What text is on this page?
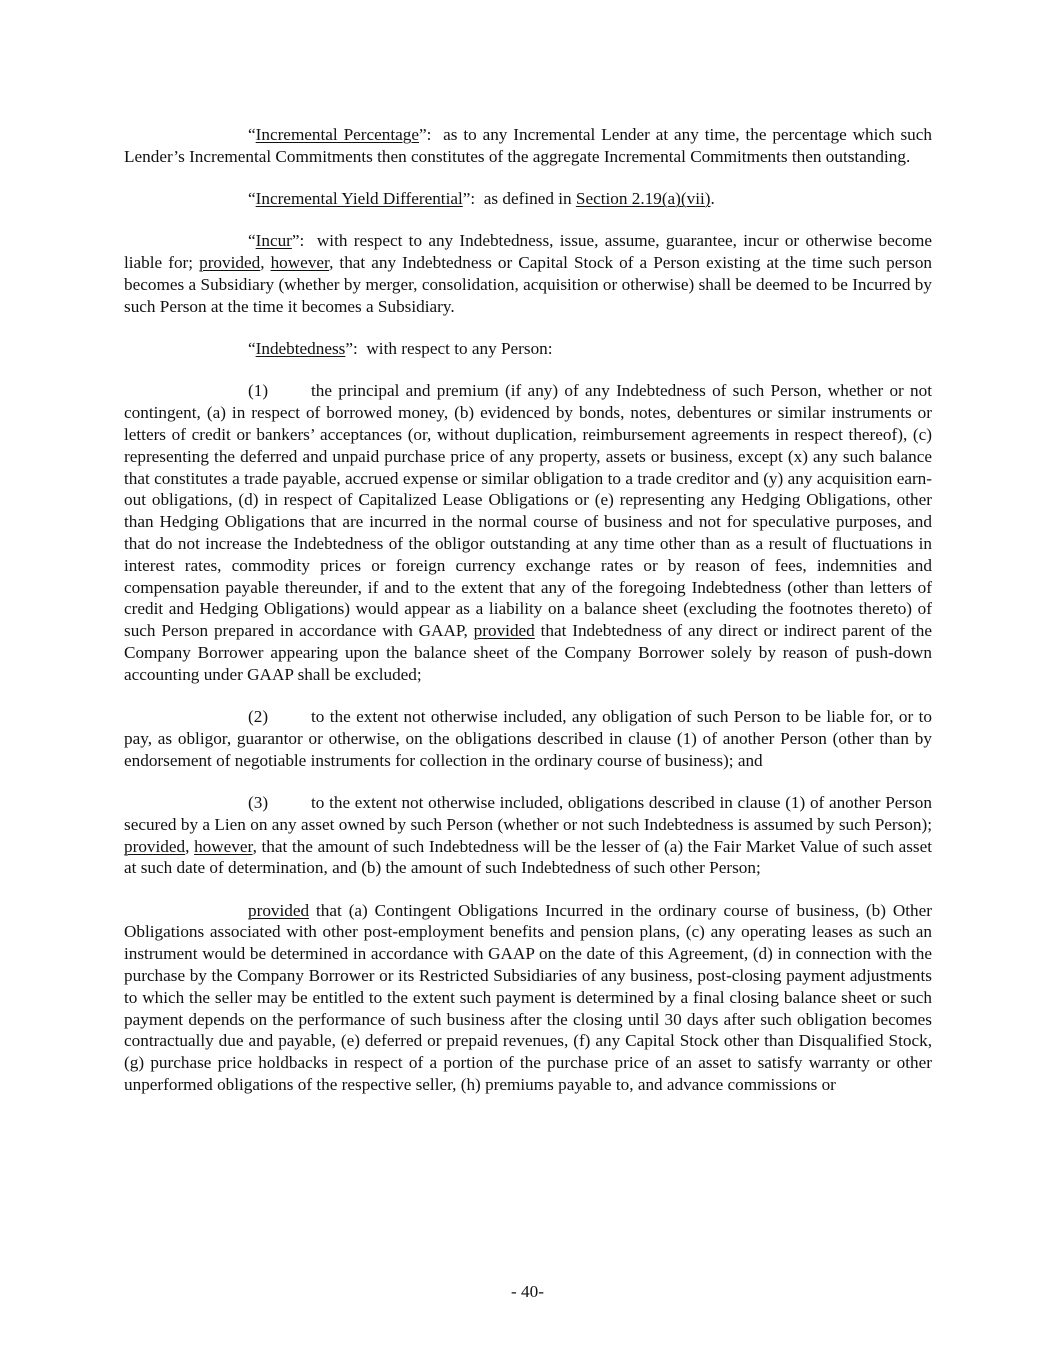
“Incremental Percentage”:  as to any Incremental Lender at any time, the percentage which such Lender’s Incremental Commitments then constitutes of the aggregate Incremental Commitments then outstanding.

“Incremental Yield Differential”:  as defined in Section 2.19(a)(vii).

“Incur”:  with respect to any Indebtedness, issue, assume, guarantee, incur or otherwise become liable for; provided, however, that any Indebtedness or Capital Stock of a Person existing at the time such person becomes a Subsidiary (whether by merger, consolidation, acquisition or otherwise) shall be deemed to be Incurred by such Person at the time it becomes a Subsidiary.

“Indebtedness”:  with respect to any Person:

(1) the principal and premium (if any) of any Indebtedness of such Person, whether or not contingent, (a) in respect of borrowed money, (b) evidenced by bonds, notes, debentures or similar instruments or letters of credit or bankers’ acceptances (or, without duplication, reimbursement agreements in respect thereof), (c) representing the deferred and unpaid purchase price of any property, assets or business, except (x) any such balance that constitutes a trade payable, accrued expense or similar obligation to a trade creditor and (y) any acquisition earn-out obligations, (d) in respect of Capitalized Lease Obligations or (e) representing any Hedging Obligations, other than Hedging Obligations that are incurred in the normal course of business and not for speculative purposes, and that do not increase the Indebtedness of the obligor outstanding at any time other than as a result of fluctuations in interest rates, commodity prices or foreign currency exchange rates or by reason of fees, indemnities and compensation payable thereunder, if and to the extent that any of the foregoing Indebtedness (other than letters of credit and Hedging Obligations) would appear as a liability on a balance sheet (excluding the footnotes thereto) of such Person prepared in accordance with GAAP, provided that Indebtedness of any direct or indirect parent of the Company Borrower appearing upon the balance sheet of the Company Borrower solely by reason of push-down accounting under GAAP shall be excluded;

(2) to the extent not otherwise included, any obligation of such Person to be liable for, or to pay, as obligor, guarantor or otherwise, on the obligations described in clause (1) of another Person (other than by endorsement of negotiable instruments for collection in the ordinary course of business); and

(3) to the extent not otherwise included, obligations described in clause (1) of another Person secured by a Lien on any asset owned by such Person (whether or not such Indebtedness is assumed by such Person); provided, however, that the amount of such Indebtedness will be the lesser of (a) the Fair Market Value of such asset at such date of determination, and (b) the amount of such Indebtedness of such other Person;

provided that (a) Contingent Obligations Incurred in the ordinary course of business, (b) Other Obligations associated with other post-employment benefits and pension plans, (c) any operating leases as such an instrument would be determined in accordance with GAAP on the date of this Agreement, (d) in connection with the purchase by the Company Borrower or its Restricted Subsidiaries of any business, post-closing payment adjustments to which the seller may be entitled to the extent such payment is determined by a final closing balance sheet or such payment depends on the performance of such business after the closing until 30 days after such obligation becomes contractually due and payable, (e) deferred or prepaid revenues, (f) any Capital Stock other than Disqualified Stock, (g) purchase price holdbacks in respect of a portion of the purchase price of an asset to satisfy warranty or other unperformed obligations of the respective seller, (h) premiums payable to, and advance commissions or

- 40-
